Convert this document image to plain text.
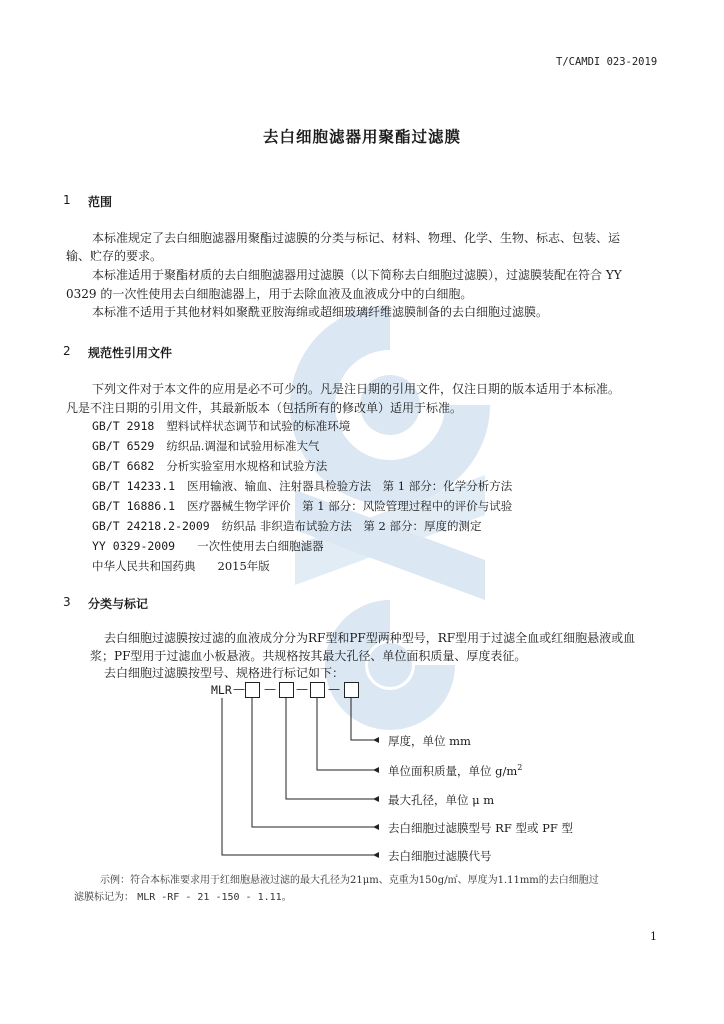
T/CAMDI 023-2019
去白细胞滤器用聚酯过滤膜
1 范围
本标准规定了去白细胞滤器用聚酯过滤膜的分类与标记、材料、物理、化学、生物、标志、包装、运
输、贮存的要求。
本标准适用于聚酯材质的去白细胞滤器用过滤膜（以下简称去白细胞过滤膜），过滤膜装配在符合 YY
0329 的一次性使用去白细胞滤器上，用于去除血液及血液成分中的白细胞。
本标准不适用于其他材料如聚酰亚胺海绵或超细玻璃纤维滤膜制备的去白细胞过滤膜。
2 规范性引用文件
下列文件对于本文件的应用是必不可少的。凡是注日期的引用文件，仅注日期的版本适用于本标准。
凡是不注日期的引用文件，其最新版本（包括所有的修改单）适用于标准。
GB/T 2918 塑料试样状态调节和试验的标准环境
GB/T 6529 纺织品.调湿和试验用标准大气
GB/T 6682 分析实验室用水规格和试验方法
GB/T 14233.1 医用输液、输血、注射器具检验方法　第 1 部分：化学分析方法
GB/T 16886.1 医疗器械生物学评价　第 1 部分：风险管理过程中的评价与试验
GB/T 24218.2-2009 纺织品 非织造布试验方法　第 2 部分：厚度的测定
YY 0329-2009 一次性使用去白细胞滤器
中华人民共和国药典 2015年版
3 分类与标记
去白细胞过滤膜按过滤的血液成分分为RF型和PF型两种型号，RF型用于过滤全血或红细胞悬液或血
浆；PF型用于过滤血小板悬液。共规格按其最大孔径、单位面积质量、厚度表征。
去白细胞过滤膜按型号、规格进行标记如下：
MLR — — — —
厚度，单位 mm
单位面积质量，单位 $g/m^2$
最大孔径，单位 μ m
去白细胞过滤膜型号 RF 型或 PF 型
去白细胞过滤膜代号
示例：符合本标准要求用于红细胞悬液过滤的最大孔径为21μm、克重为150g/㎡、厚度为1.11mm的去白细胞过
滤膜标记为： MLR -RF - 21 -150 - 1.11。
1
